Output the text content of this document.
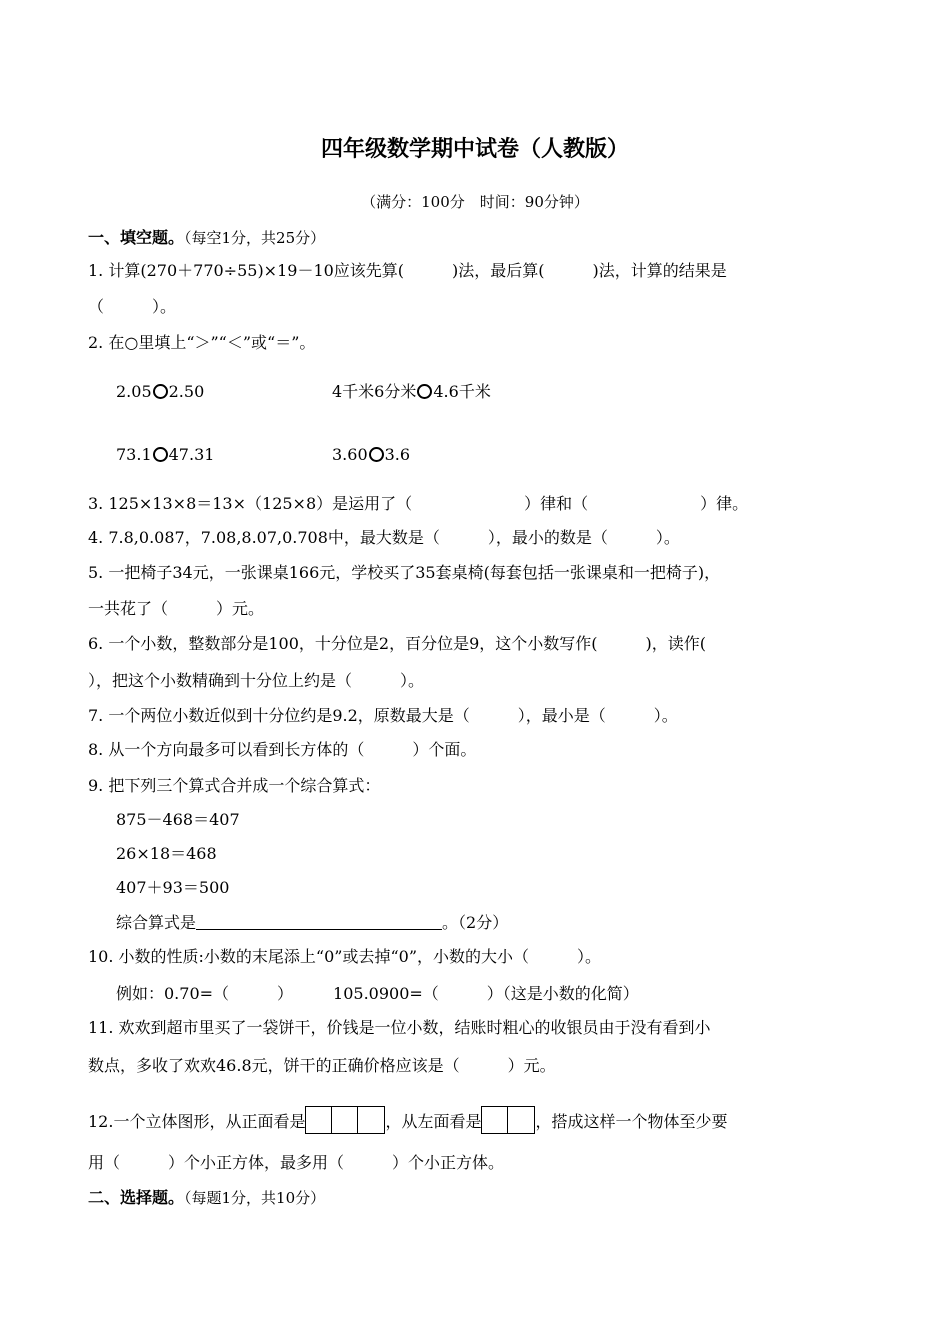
四年级数学期中试卷（人教版）
（满分：100分　时间：90分钟）
一、填空题。（每空1分，共25分）
1. 计算(270＋770÷55)×19－10应该先算(　　　)法，最后算(　　　)法，计算的结果是
（　　　）。
2. 在○里填上“＞”“＜”或“＝”。
2.05 2.50	4千米6分米 4.6千米
73.1 47.31	3.60 3.6
3. 125×13×8＝13×（125×8）是运用了（　　　　　　　）律和（　　　　　　　）律。
4. 7.8,0.087，7.08,8.07,0.708中，最大数是（　　　），最小的数是（　　　）。
5. 一把椅子34元，一张课桌166元，学校买了35套桌椅(每套包括一张课桌和一把椅子)，
一共花了（　　　）元。
6. 一个小数，整数部分是100，十分位是2，百分位是9，这个小数写作(　　　)，读作(
），把这个小数精确到十分位上约是（　　　）。
7. 一个两位小数近似到十分位约是9.2，原数最大是（　　　），最小是（　　　）。
8. 从一个方向最多可以看到长方体的（　　　）个面。
9. 把下列三个算式合并成一个综合算式：
875－468＝407
26×18＝468
407＋93＝500
综合算式是	。（2分）
10. 小数的性质:小数的末尾添上“0”或去掉“0”，小数的大小（　　　）。
例如：0.70=（　　　）　　　105.0900=（　　　）（这是小数的化简）
11. 欢欢到超市里买了一袋饼干，价钱是一位小数，结账时粗心的收银员由于没有看到小
数点，多收了欢欢46.8元，饼干的正确价格应该是（　　　）元。
12.一个立体图形，从正面看是	，从左面看是	，搭成这样一个物体至少要
用（　　　）个小正方体，最多用（　　　）个小正方体。
二、选择题。（每题1分，共10分）
